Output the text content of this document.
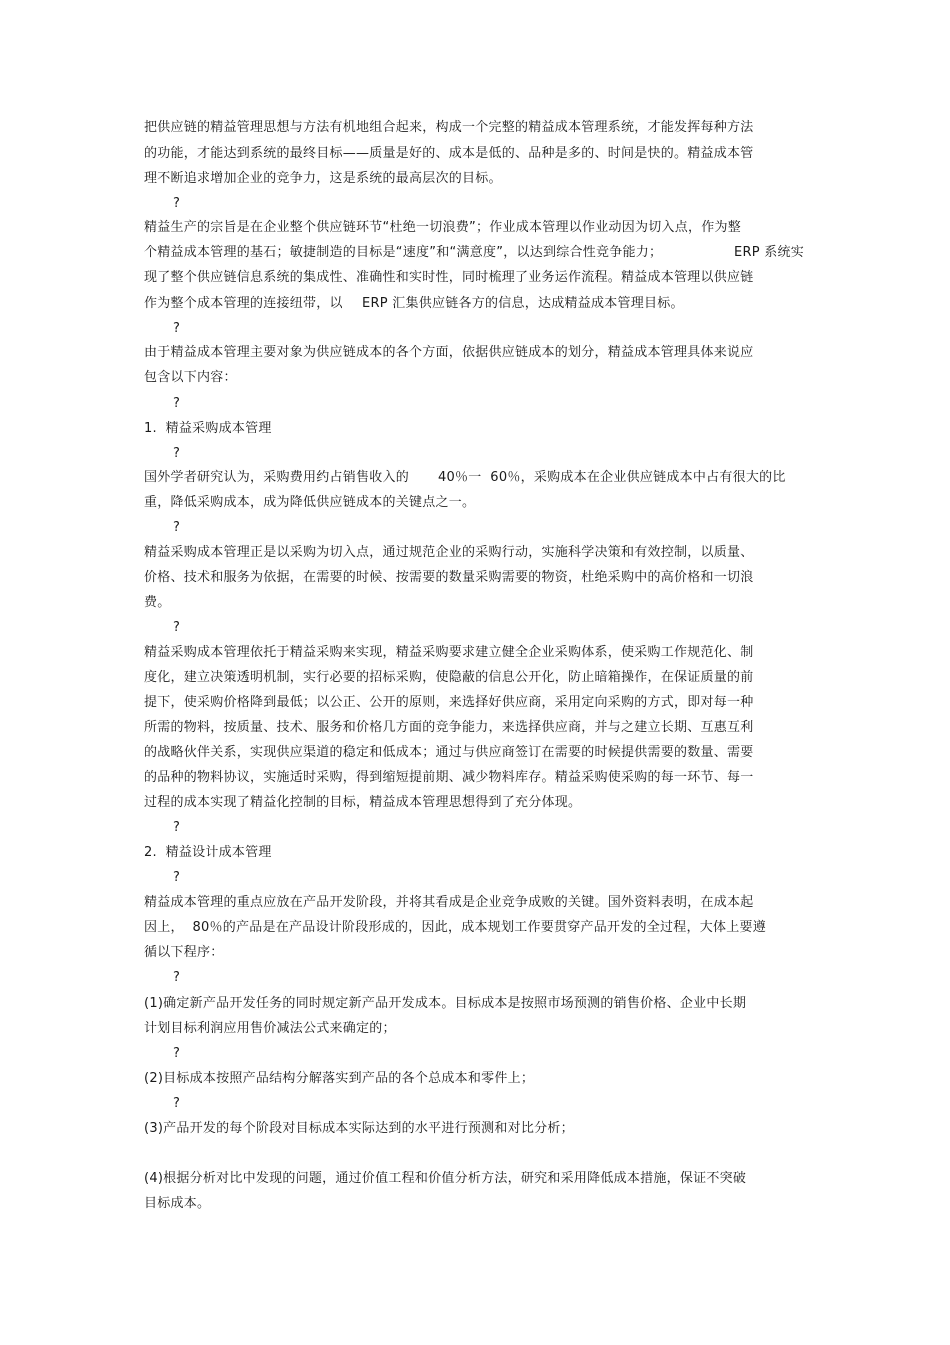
把供应链的精益管理思想与方法有机地组合起来，构成一个完整的精益成本管理系统，才能发挥每种方法
的功能，才能达到系统的最终目标——质量是好的、成本是低的、品种是多的、时间是快的。精益成本管
理不断追求增加企业的竞争力，这是系统的最高层次的目标。
?
精益生产的宗旨是在企业整个供应链环节“杜绝一切浪费”；作业成本管理以作业动因为切入点，作为整
个精益成本管理的基石；敏捷制造的目标是“速度”和“满意度”，以达到综合性竞争能力；	ERP 系统实
现了整个供应链信息系统的集成性、准确性和实时性，同时梳理了业务运作流程。精益成本管理以供应链
作为整个成本管理的连接纽带，以 ERP 汇集供应链各方的信息，达成精益成本管理目标。
?
由于精益成本管理主要对象为供应链成本的各个方面，依据供应链成本的划分，精益成本管理具体来说应
包含以下内容：
?
1.  精益采购成本管理
?
国外学者研究认为，采购费用约占销售收入的 40％一  60％，采购成本在企业供应链成本中占有很大的比
重，降低采购成本，成为降低供应链成本的关键点之一。
?
精益采购成本管理正是以采购为切入点，通过规范企业的采购行动，实施科学决策和有效控制，以质量、
价格、技术和服务为依据，在需要的时候、按需要的数量采购需要的物资，杜绝采购中的高价格和一切浪
费。
?
精益采购成本管理依托于精益采购来实现，精益采购要求建立健全企业采购体系，使采购工作规范化、制
度化，建立决策透明机制，实行必要的招标采购，使隐蔽的信息公开化，防止暗箱操作，在保证质量的前
提下，使采购价格降到最低；以公正、公开的原则，来选择好供应商，采用定向采购的方式，即对每一种
所需的物料，按质量、技术、服务和价格几方面的竞争能力，来选择供应商，并与之建立长期、互惠互利
的战略伙伴关系，实现供应渠道的稳定和低成本；通过与供应商签订在需要的时候提供需要的数量、需要
的品种的物料协议，实施适时采购，得到缩短提前期、减少物料库存。精益采购使采购的每一环节、每一
过程的成本实现了精益化控制的目标，精益成本管理思想得到了充分体现。
?
2.  精益设计成本管理
?
精益成本管理的重点应放在产品开发阶段，并将其看成是企业竞争成败的关键。国外资料表明，在成本起
因上，  80％的产品是在产品设计阶段形成的，因此，成本规划工作要贯穿产品开发的全过程，大体上要遵
循以下程序：
?
(1)确定新产品开发任务的同时规定新产品开发成本。目标成本是按照市场预测的销售价格、企业中长期
计划目标利润应用售价减法公式来确定的；
?
(2)目标成本按照产品结构分解落实到产品的各个总成本和零件上；
?
(3)产品开发的每个阶段对目标成本实际达到的水平进行预测和对比分析；
(4)根据分析对比中发现的问题，通过价值工程和价值分析方法，研究和采用降低成本措施，保证不突破
目标成本。
